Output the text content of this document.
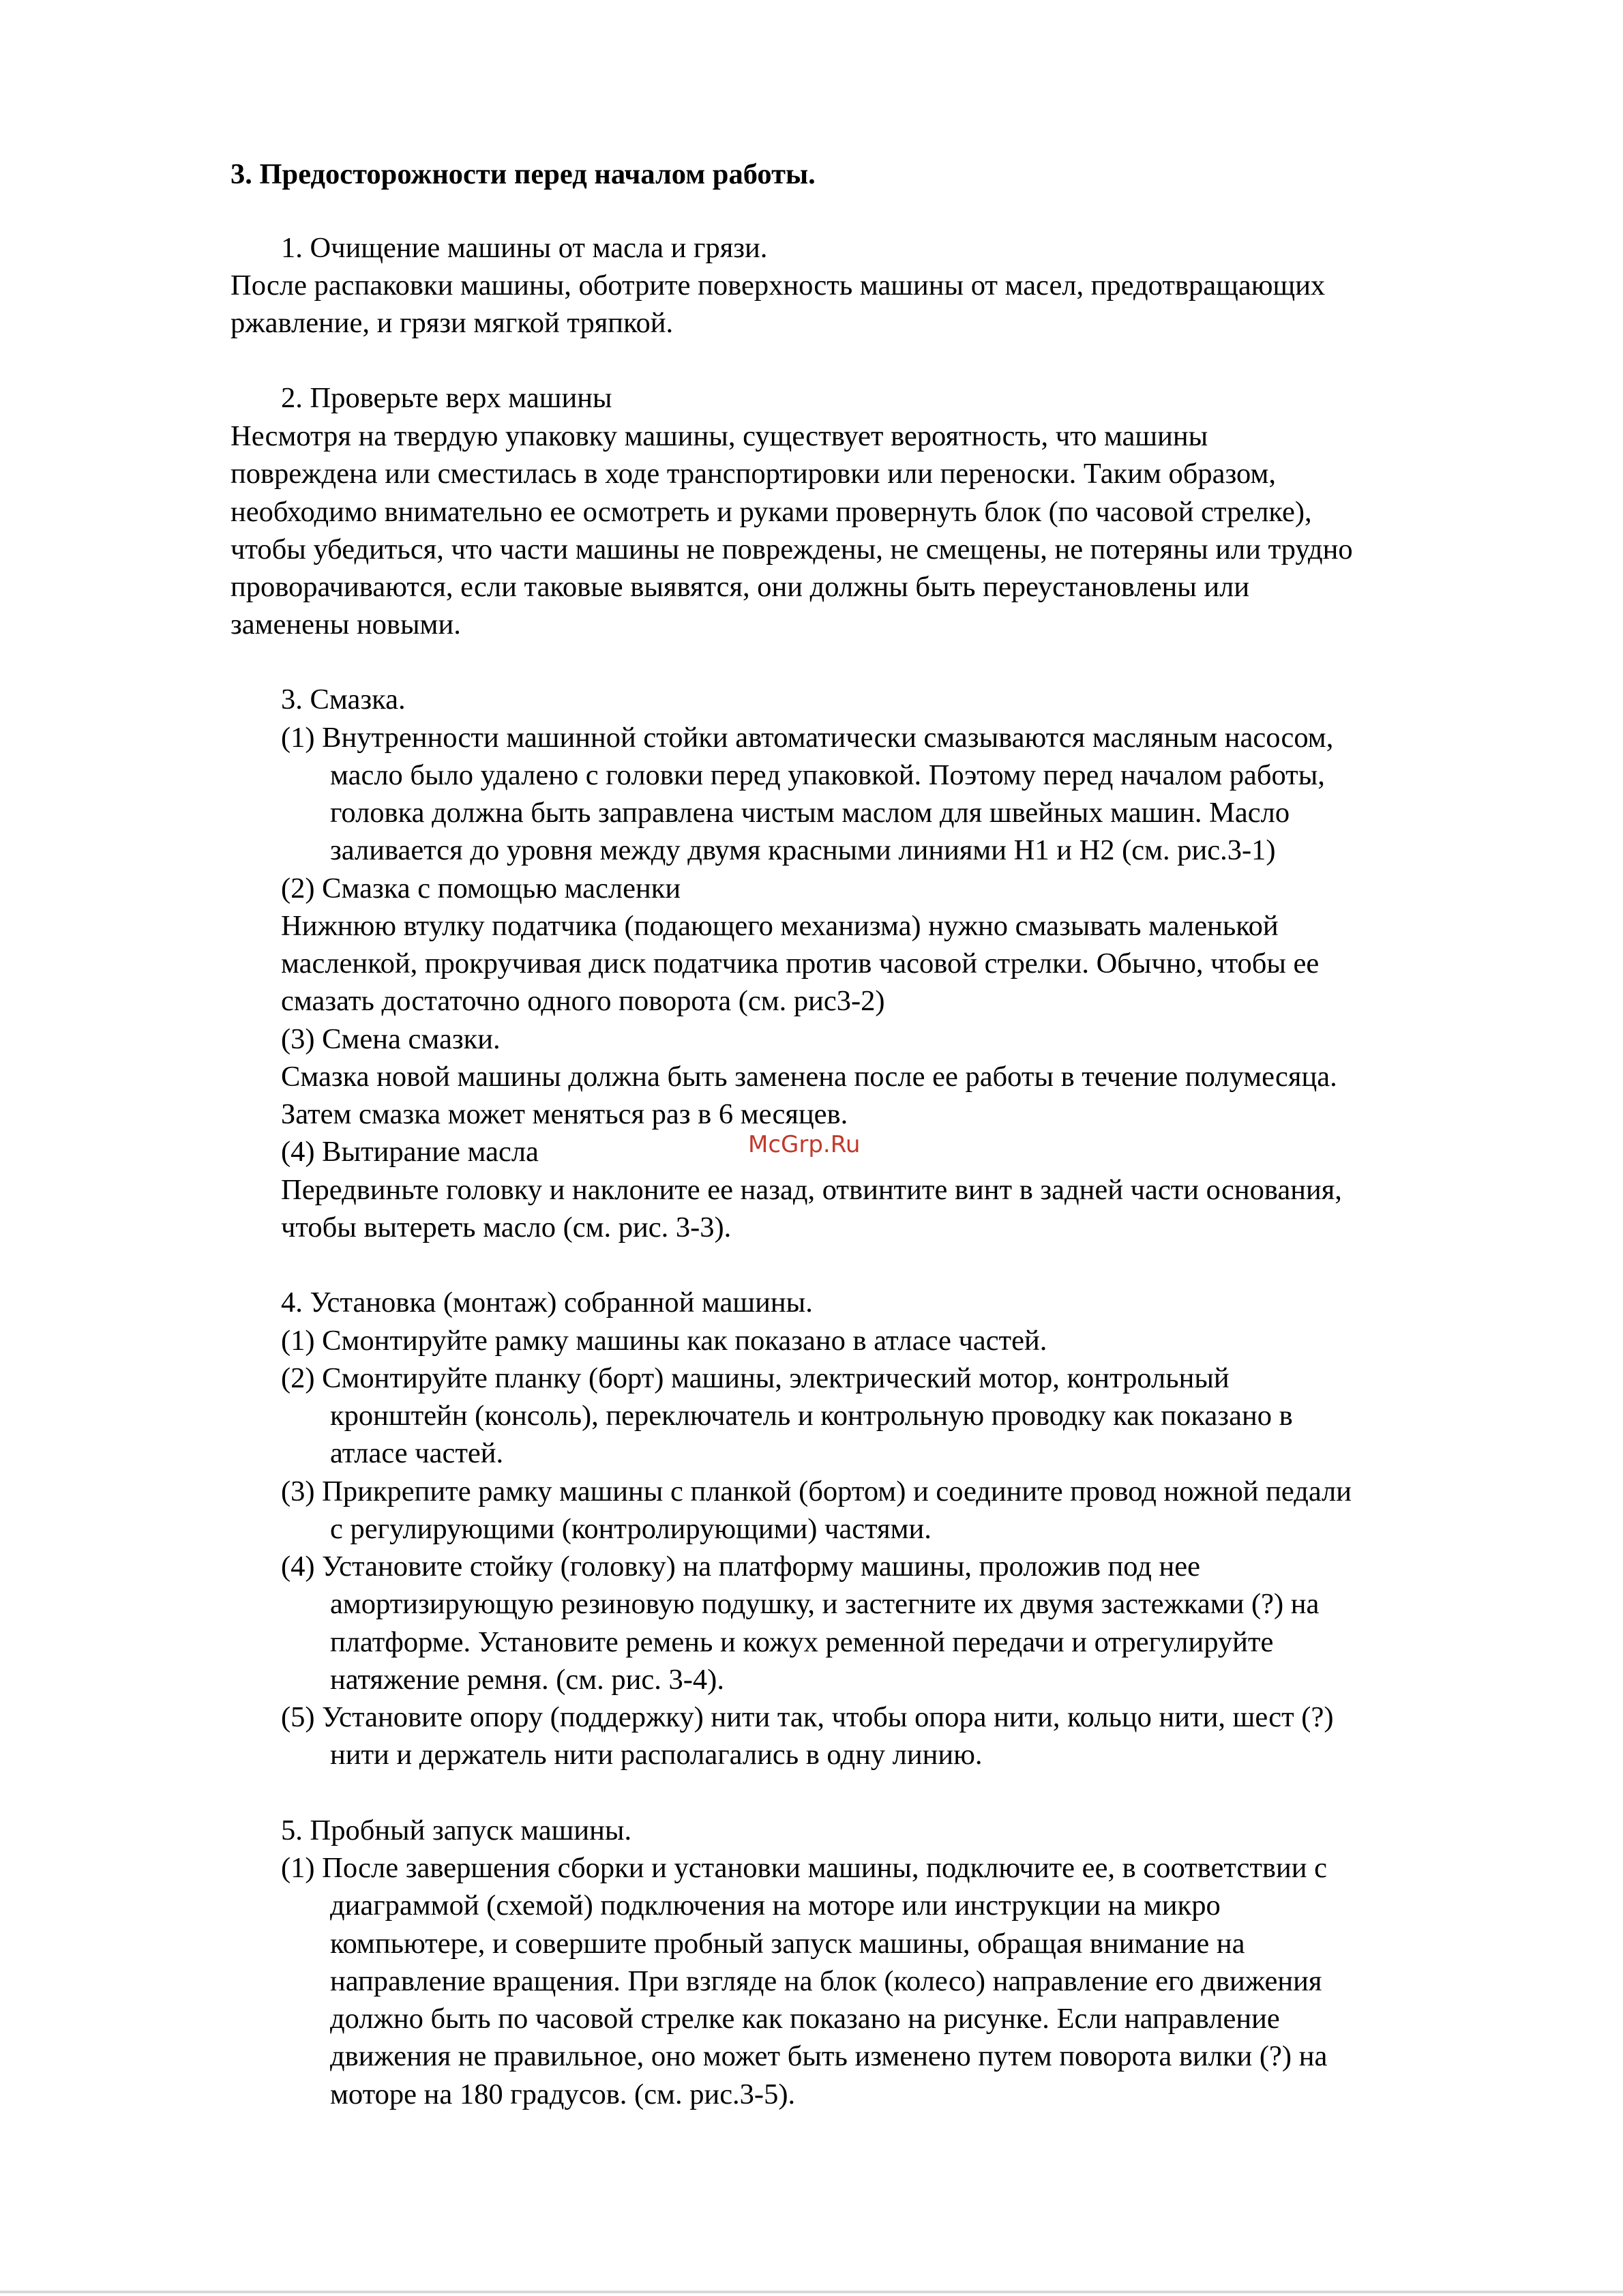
3. Предосторожности перед началом работы.
1. Очищение машины от масла и грязи.
После распаковки машины, оботрите поверхность машины от масел, предотвращающих
ржавление, и грязи мягкой тряпкой.
2. Проверьте верх машины
Несмотря на твердую упаковку машины, существует вероятность, что машины
повреждена или сместилась в ходе транспортировки или переноски. Таким образом,
необходимо внимательно ее осмотреть и руками провернуть блок (по часовой стрелке),
чтобы убедиться, что части машины не повреждены, не смещены, не потеряны или трудно
проворачиваются, если таковые выявятся, они должны быть переустановлены или
заменены новыми.
3. Смазка.
(1) Внутренности машинной стойки автоматически смазываются масляным насосом,
масло было удалено с головки перед упаковкой. Поэтому перед началом работы,
головка должна быть заправлена чистым маслом для швейных машин. Масло
заливается до уровня между двумя красными линиями H1 и H2 (см. рис.3-1)
(2) Смазка с помощью масленки
Нижнюю втулку податчика (подающего механизма) нужно смазывать маленькой
масленкой, прокручивая диск податчика против часовой стрелки. Обычно, чтобы ее
смазать достаточно одного поворота (см. рис3-2)
(3) Смена смазки.
Смазка новой машины должна быть заменена после ее работы в течение полумесяца.
Затем смазка может меняться раз в 6 месяцев.
(4) Вытирание масла
Передвиньте головку и наклоните ее назад, отвинтите винт в задней части основания,
чтобы вытереть масло (см. рис. 3-3).
4. Установка (монтаж) собранной машины.
(1) Смонтируйте рамку машины как показано в атласе частей.
(2) Смонтируйте планку (борт) машины, электрический мотор, контрольный
кронштейн (консоль), переключатель и контрольную проводку как показано в
атласе частей.
(3) Прикрепите рамку машины с планкой (бортом) и соедините провод ножной педали
с регулирующими (контролирующими) частями.
(4) Установите стойку (головку) на платформу машины, проложив под нее
амортизирующую резиновую подушку, и застегните их двумя застежками (?) на
платформе. Установите ремень и кожух ременной передачи и отрегулируйте
натяжение ремня. (см. рис. 3-4).
(5) Установите опору (поддержку) нити так, чтобы опора нити, кольцо нити, шест (?)
нити и держатель нити располагались в одну линию.
5. Пробный запуск машины.
(1) После завершения сборки и установки машины, подключите ее, в соответствии с
диаграммой (схемой) подключения на моторе или инструкции на микро
компьютере, и совершите пробный запуск машины, обращая внимание на
направление вращения. При взгляде на блок (колесо) направление его движения
должно быть по часовой стрелке как показано на рисунке. Если направление
движения не правильное, оно может быть изменено путем поворота вилки (?) на
моторе на 180 градусов. (см. рис.3-5).
McGrp.Ru
